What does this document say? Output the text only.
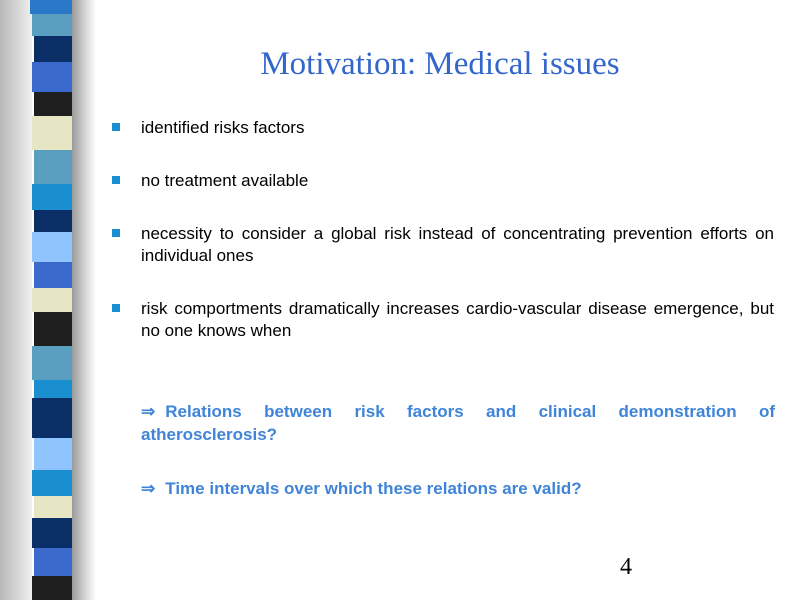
Motivation: Medical issues
identified risks factors
no treatment available
necessity to consider a global risk instead of concentrating prevention efforts on individual ones
risk comportments dramatically increases cardio-vascular disease emergence, but no one knows when

⇒ Relations between risk factors and clinical demonstration of atherosclerosis?

⇒ Time intervals over which these relations are valid?

4
